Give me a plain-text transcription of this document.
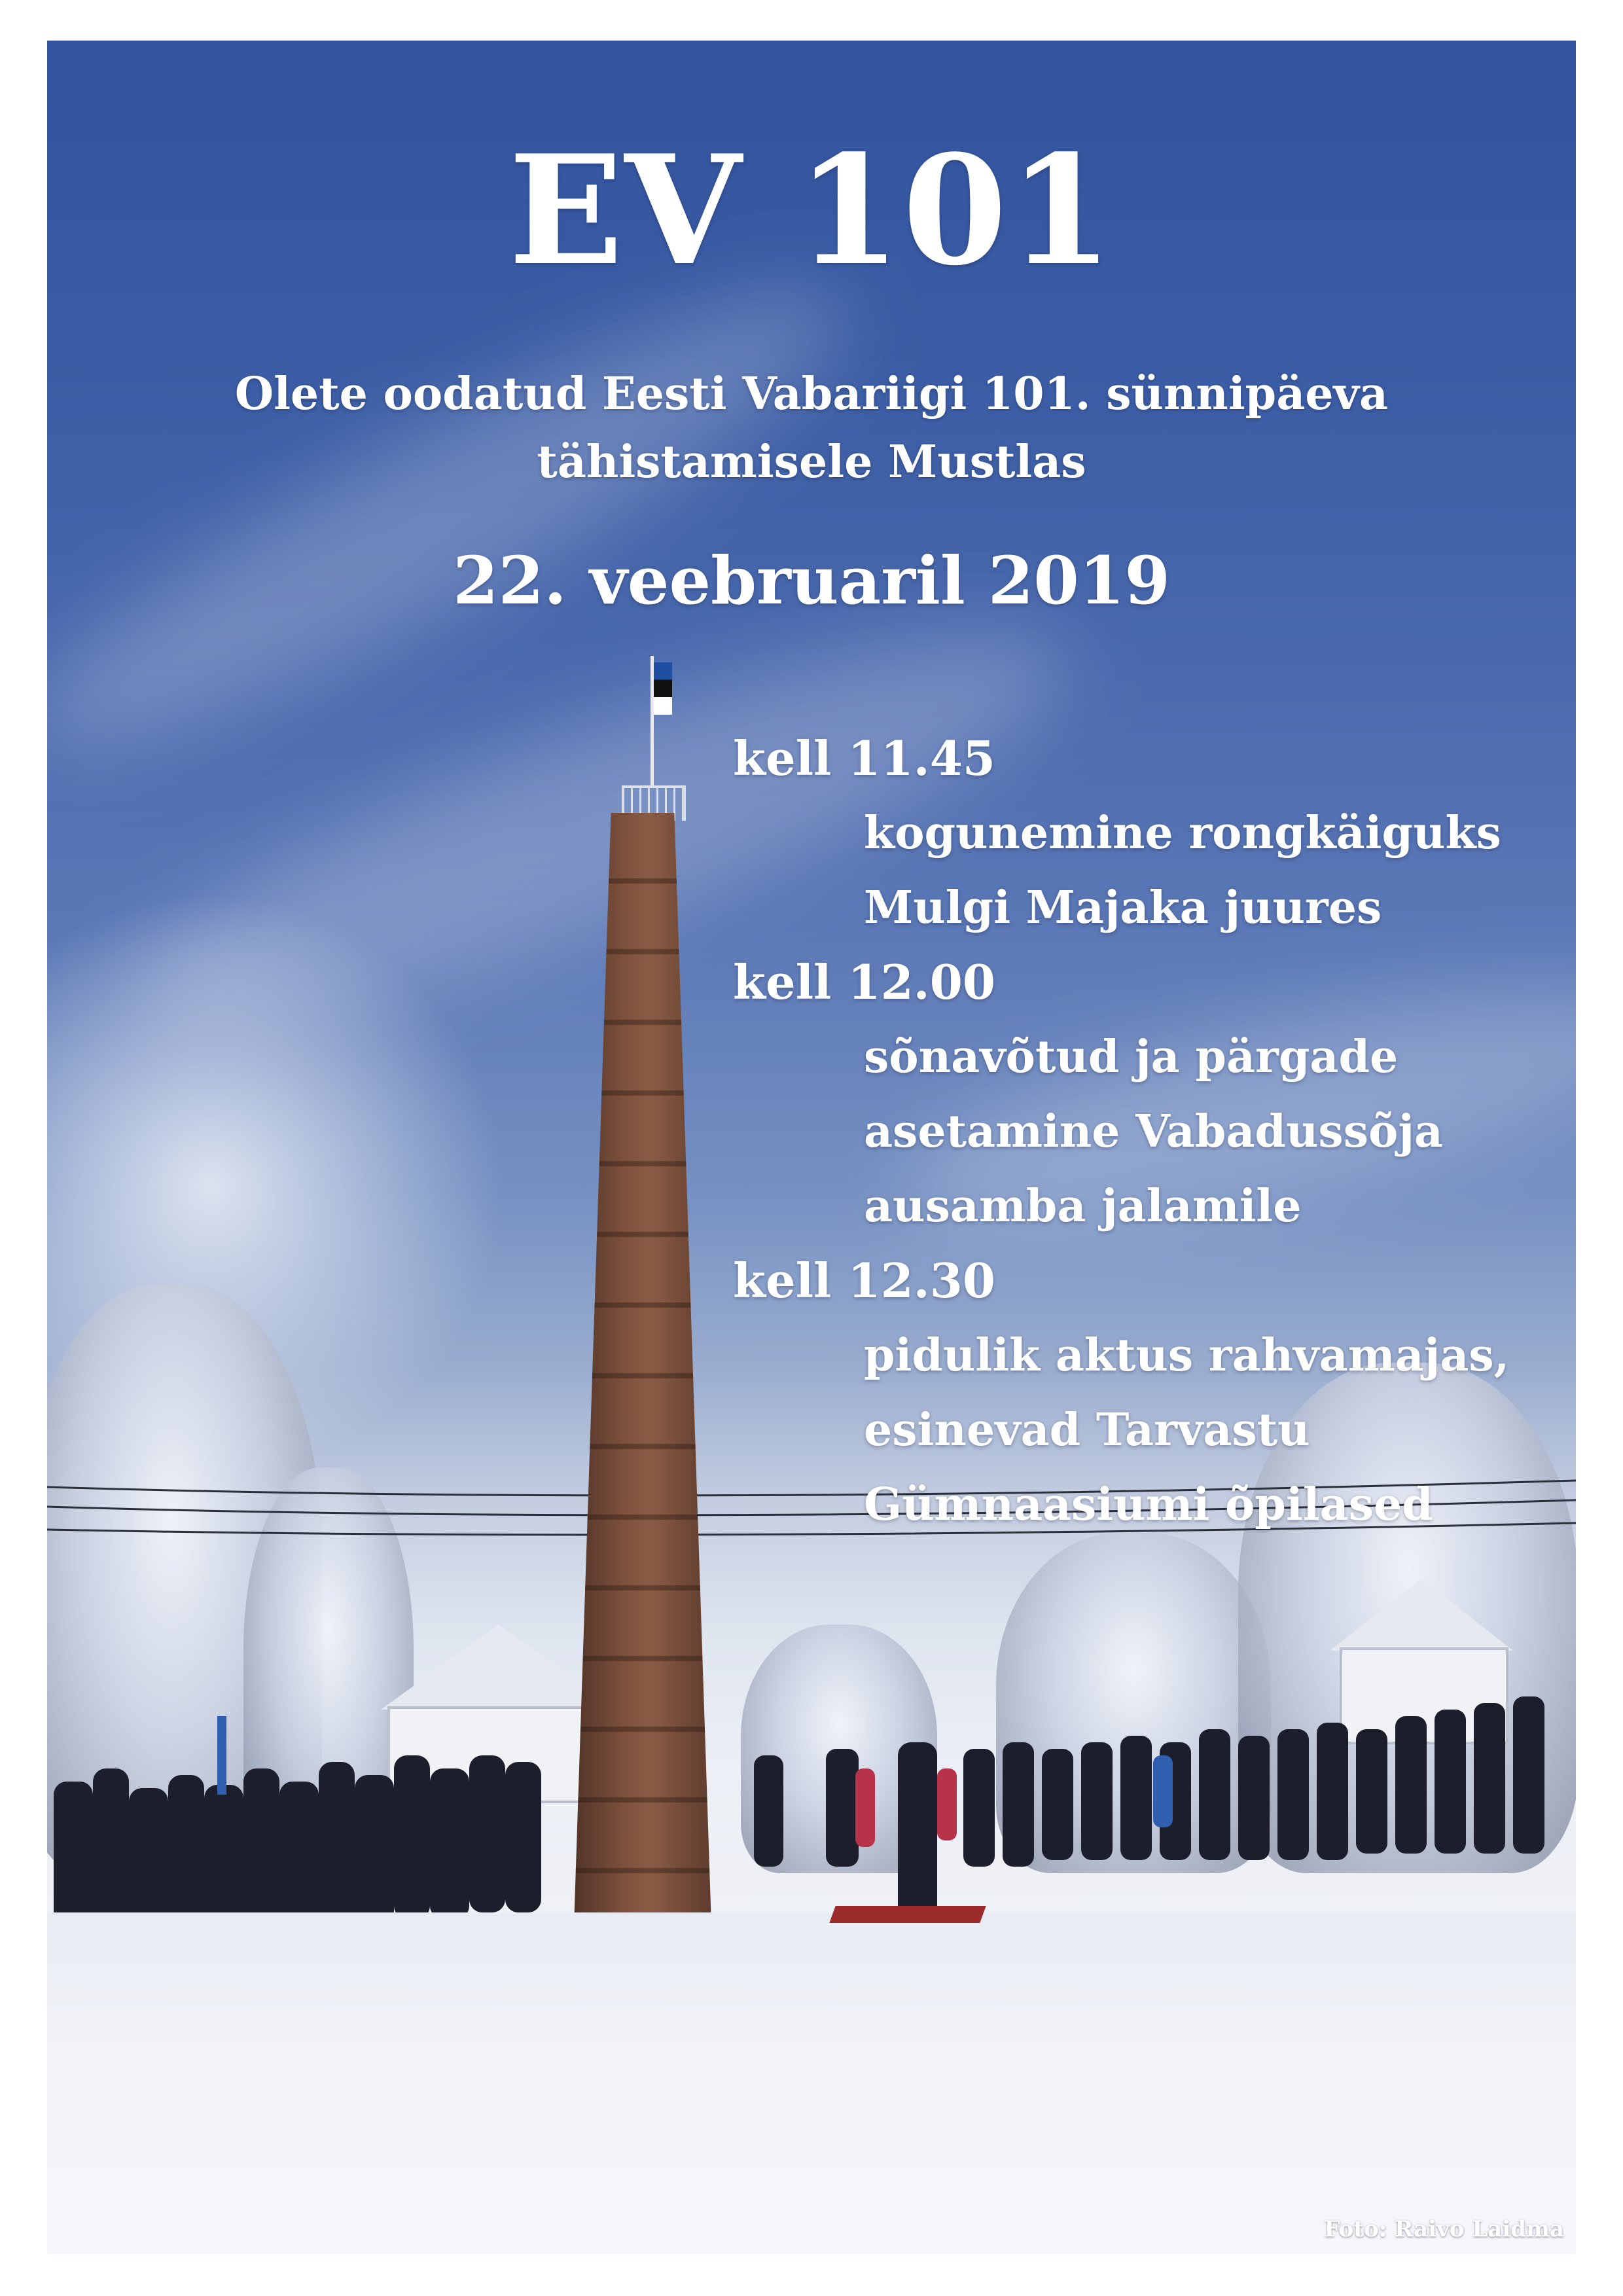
EV 101
Olete oodatud Eesti Vabariigi 101. sünnipäeva
tähistamisele Mustlas
22. veebruaril 2019
kell 11.45
kogunemine rongkäiguks
Mulgi Majaka juures
kell 12.00
sõnavõtud ja pärgade
asetamine Vabadussõja
ausamba jalamile
kell 12.30
pidulik aktus rahvamajas,
esinevad Tarvastu
Gümnaasiumi õpilased
Foto: Raivo Laidma
